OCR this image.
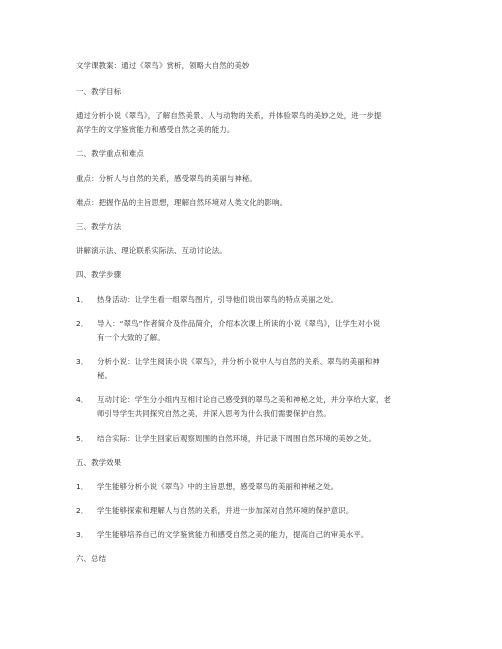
文学课教案：通过《翠鸟》赏析，领略大自然的美妙
一、教学目标
通过分析小说《翠鸟》，了解自然美景、人与动物的关系，并体验翠鸟的美妙之处，进一步提
高学生的文学鉴赏能力和感受自然之美的能力。
二、教学重点和难点
重点：分析人与自然的关系，感受翠鸟的美丽与神秘。
难点：把握作品的主旨思想，理解自然环境对人类文化的影响。
三、教学方法
讲解演示法、理论联系实际法、互动讨论法。
四、教学步骤
1． 热身活动：让学生看一组翠鸟图片，引导他们说出翠鸟的特点美丽之处。
2． 导入：“翠鸟”作者简介及作品简介，介绍本次课上所读的小说《翠鸟》，让学生对小说
有一个大致的了解。
3． 分析小说：让学生阅读小说《翠鸟》，并分析小说中人与自然的关系、翠鸟的美丽和神
秘。
4． 互动讨论：学生分小组内互相讨论自己感受到的翠鸟之美和神秘之处，并分享给大家，老
师引导学生共同探究自然之美，并深入思考为什么我们需要保护自然。
5． 结合实际：让学生回家后观察周围的自然环境，并记录下周围自然环境的美妙之处。
五、教学效果
1． 学生能够分析小说《翠鸟》中的主旨思想，感受翠鸟的美丽和神秘之处。
2． 学生能够探索和理解人与自然的关系，并进一步加深对自然环境的保护意识。
3． 学生能够培养自己的文学鉴赏能力和感受自然之美的能力，提高自己的审美水平。
六、总结
